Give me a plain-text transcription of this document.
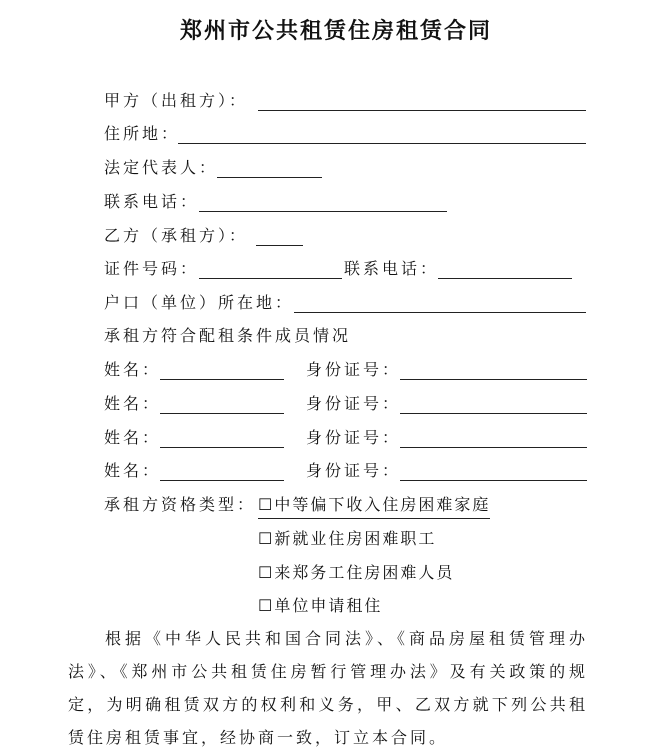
郑州市公共租赁住房租赁合同
甲方（出租方）：
住所地：
法定代表人：
联系电话：
乙方（承租方）：
证件号码：	联系电话：
户口（单位）所在地：
承租方符合配租条件成员情况
姓名：	身份证号：
姓名：	身份证号：
姓名：	身份证号：
姓名：	身份证号：
承租方资格类型： ☐中等偏下收入住房困难家庭
☐新就业住房困难职工
☐来郑务工住房困难人员
☐单位申请租住
根据《中华人民共和国合同法》、《商品房屋租赁管理办法》、《郑州市公共租赁住房暂行管理办法》及有关政策的规定，为明确租赁双方的权利和义务，甲、乙双方就下列公共租赁住房租赁事宜，经协商一致，订立本合同。
